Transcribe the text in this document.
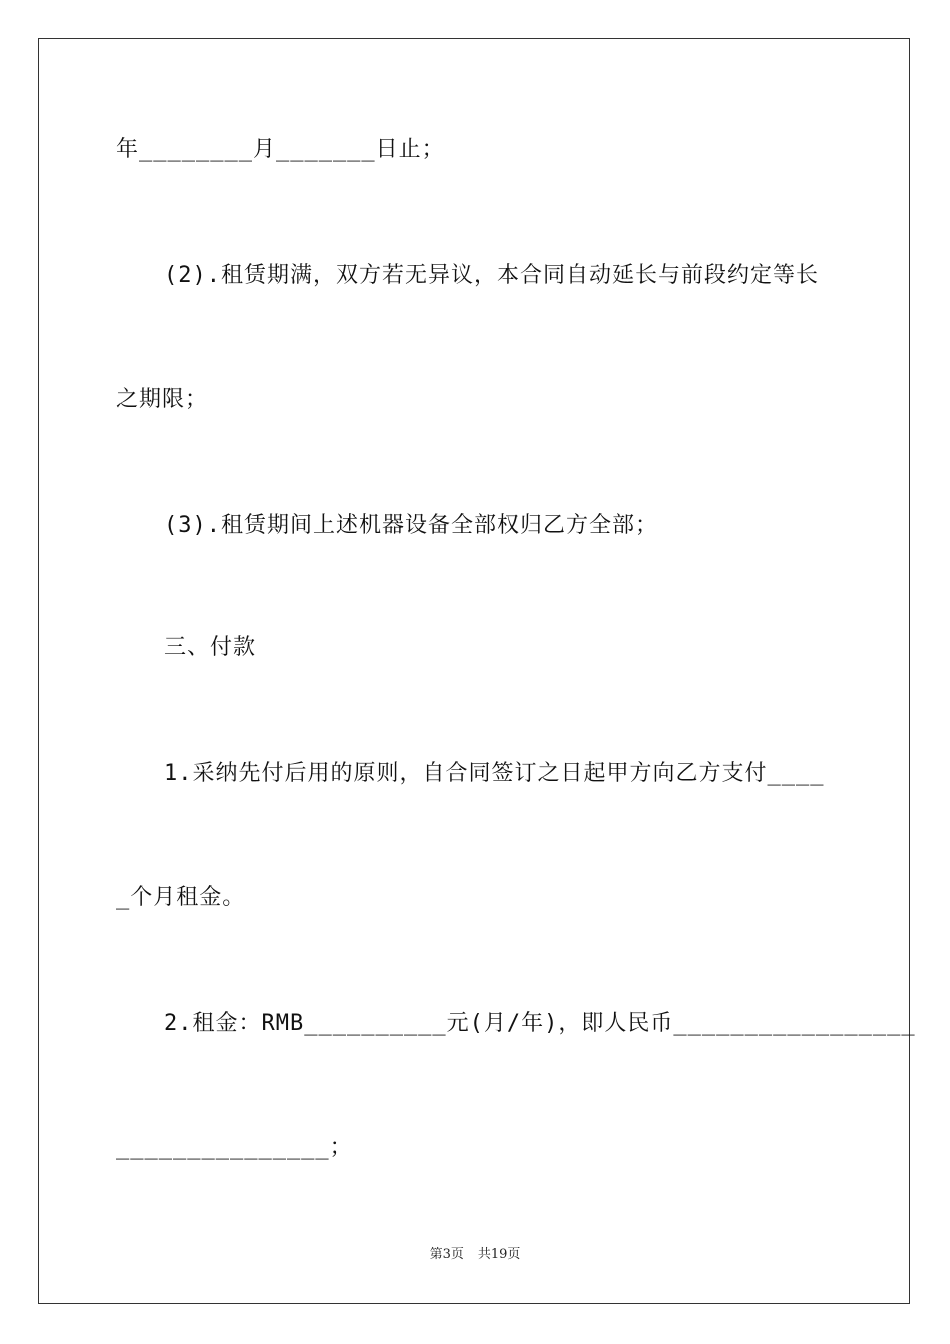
年________月_______日止；
(2).租赁期满，双方若无异议，本合同自动延长与前段约定等长
之期限；
(3).租赁期间上述机器设备全部权归乙方全部；
三、付款
1.采纳先付后用的原则，自合同签订之日起甲方向乙方支付____
_个月租金。
2.租金：RMB__________元(月/年)，即人民币_________________
_______________；
第3页 共19页
